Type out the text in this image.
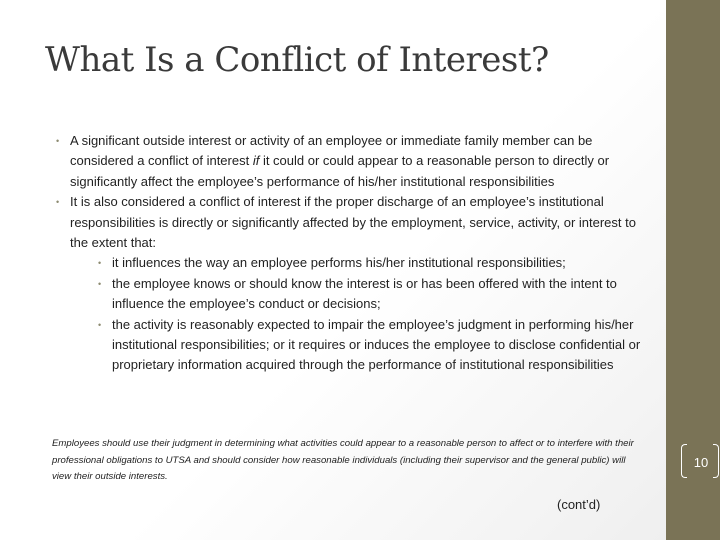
What Is a Conflict of Interest?
• A significant outside interest or activity of an employee or immediate family member can be considered a conflict of interest if it could or could appear to a reasonable person to directly or significantly affect the employee’s performance of his/her institutional responsibilities
• It is also considered a conflict of interest if the proper discharge of an employee’s institutional responsibilities is directly or significantly affected by the employment, service, activity, or interest to the extent that:
• it influences the way an employee performs his/her institutional responsibilities;
• the employee knows or should know the interest is or has been offered with the intent to influence the employee’s conduct or decisions;
• the activity is reasonably expected to impair the employee’s judgment in performing his/her institutional responsibilities; or it requires or induces the employee to disclose confidential or proprietary information acquired through the performance of institutional responsibilities

Employees should use their judgment in determining what activities could appear to a reasonable person to affect or to interfere with their professional obligations to UTSA and should consider how reasonable individuals (including their supervisor and the general public) will view their outside interests.

(cont’d)
10
